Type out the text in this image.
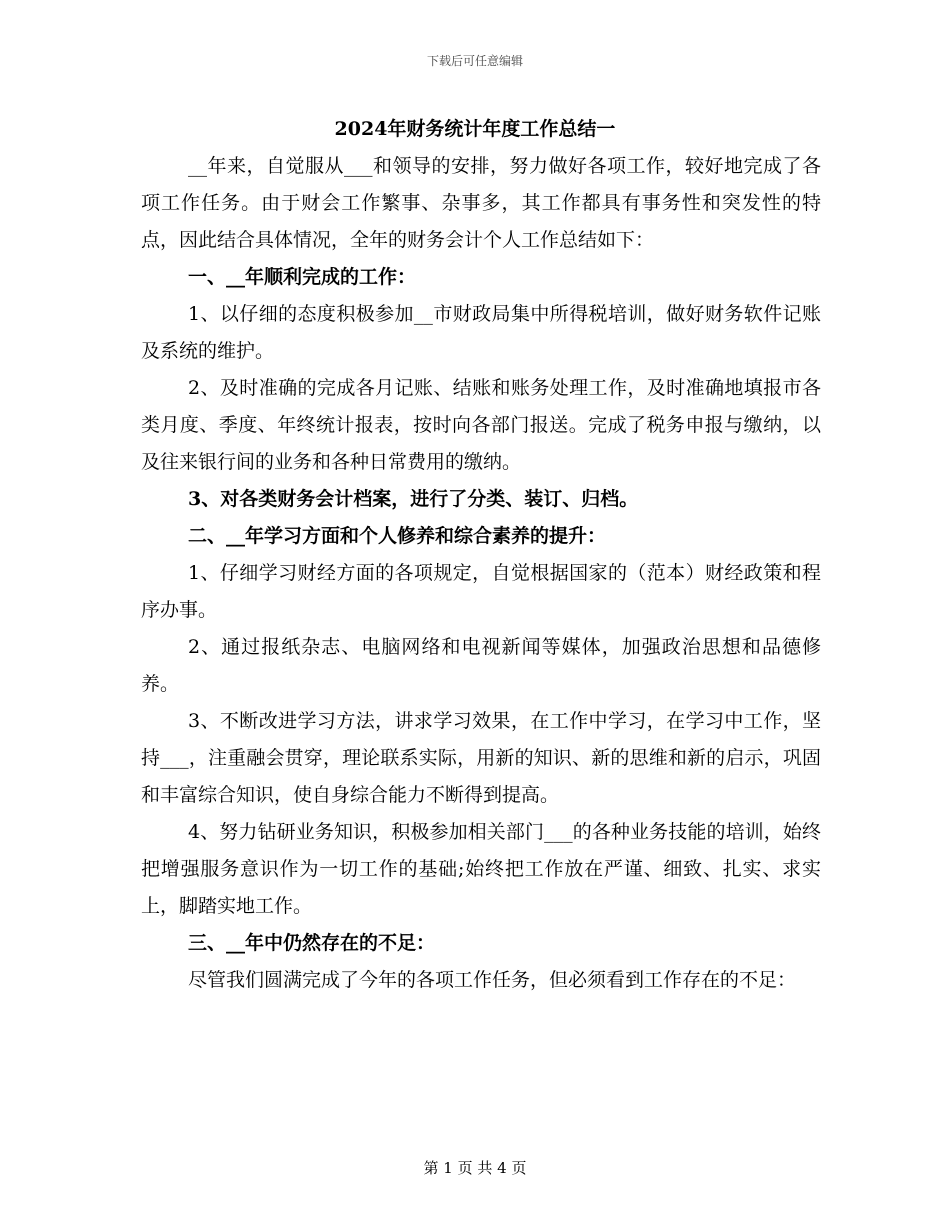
下载后可任意编辑
2024年财务统计年度工作总结一

__年来，自觉服从___和领导的安排，努力做好各项工作，较好地完成了各项工作任务。由于财会工作繁事、杂事多，其工作都具有事务性和突发性的特点，因此结合具体情况，全年的财务会计个人工作总结如下：

一、__年顺利完成的工作：

1、以仔细的态度积极参加__市财政局集中所得税培训，做好财务软件记账及系统的维护。

2、及时准确的完成各月记账、结账和账务处理工作，及时准确地填报市各类月度、季度、年终统计报表，按时向各部门报送。完成了税务申报与缴纳，以及往来银行间的业务和各种日常费用的缴纳。

3、对各类财务会计档案，进行了分类、装订、归档。

二、__年学习方面和个人修养和综合素养的提升：

1、仔细学习财经方面的各项规定，自觉根据国家的（范本）财经政策和程序办事。

2、通过报纸杂志、电脑网络和电视新闻等媒体，加强政治思想和品德修养。

3、不断改进学习方法，讲求学习效果，在工作中学习，在学习中工作，坚持___，注重融会贯穿，理论联系实际，用新的知识、新的思维和新的启示，巩固和丰富综合知识，使自身综合能力不断得到提高。

4、努力钻研业务知识，积极参加相关部门___的各种业务技能的培训，始终把增强服务意识作为一切工作的基础;始终把工作放在严谨、细致、扎实、求实上，脚踏实地工作。

三、__年中仍然存在的不足：

尽管我们圆满完成了今年的各项工作任务，但必须看到工作存在的不足：

第 1 页 共 4 页
